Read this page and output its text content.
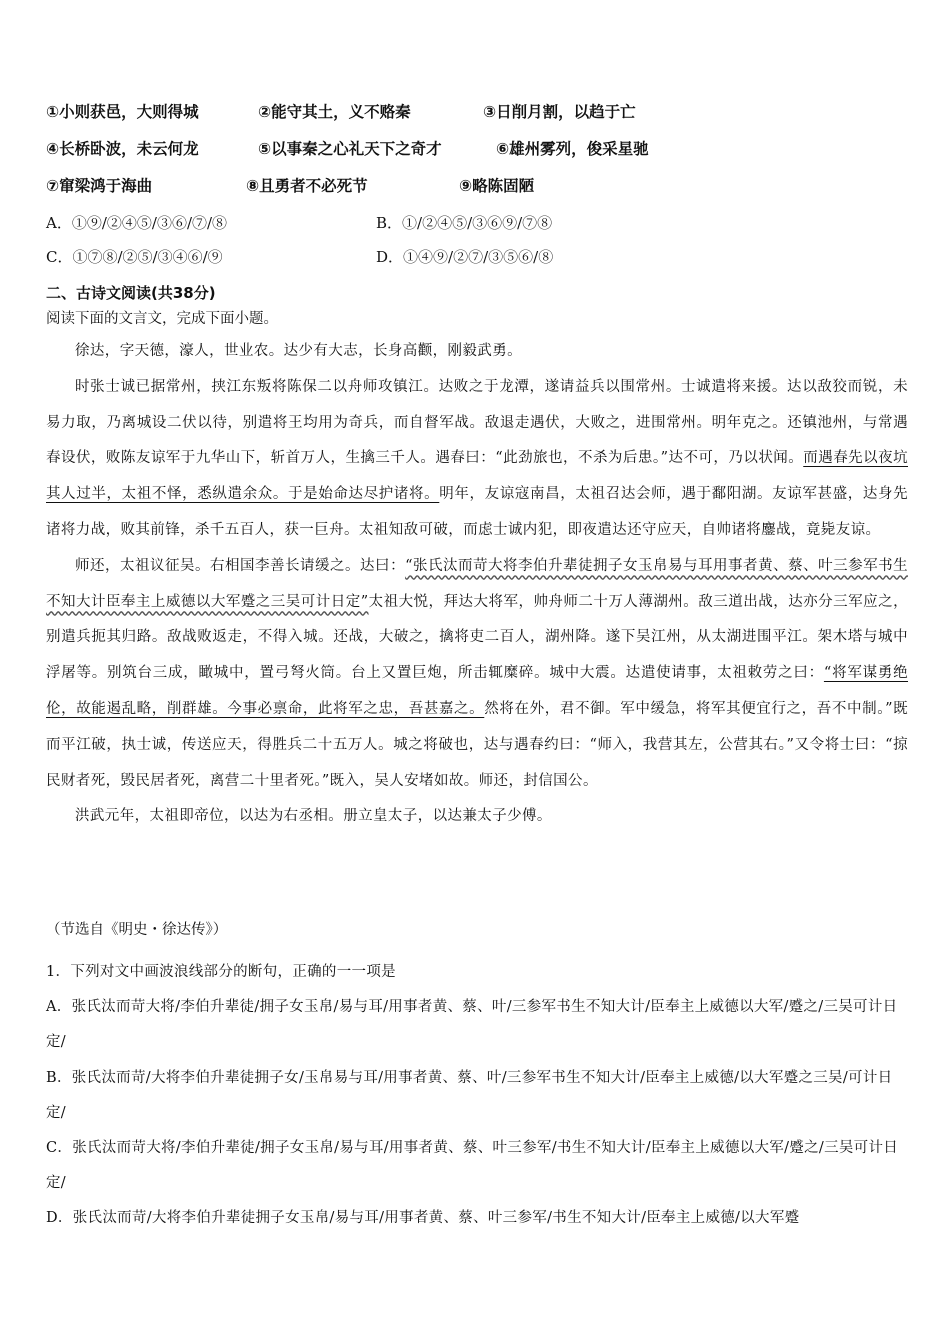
①小则获邑，大则得城	②能守其土，义不赂秦	③日削月割，以趋于亡
④长桥卧波，未云何龙	⑤以事秦之心礼天下之奇才	⑥雄州雾列，俊采星驰
⑦窜梁鸿于海曲	⑧且勇者不必死节	⑨略陈固陋
A．①⑨/②④⑤/③⑥/⑦/⑧	B．①/②④⑤/③⑥⑨/⑦⑧
C．①⑦⑧/②⑤/③④⑥/⑨	D．①④⑨/②⑦/③⑤⑥/⑧
二、古诗文阅读(共38分)
阅读下面的文言文，完成下面小题。

徐达，字天德，濠人，世业农。达少有大志，长身高颧，刚毅武勇。

时张士诚已据常州，挟江东叛将陈保二以舟师攻镇江。达败之于龙潭，遂请益兵以围常州。士诚遣将来援。达以敌狡而锐，未易力取，乃离城设二伏以待，别遣将王均用为奇兵，而自督军战。敌退走遇伏，大败之，进围常州。明年克之。还镇池州，与常遇春设伏，败陈友谅军于九华山下，斩首万人，生擒三千人。遇春曰：“此劲旅也，不杀为后患。”达不可，乃以状闻。而遇春先以夜坑其人过半，太祖不怿，悉纵遣余众。于是始命达尽护诸将。明年，友谅寇南昌，太祖召达会师，遇于鄱阳湖。友谅军甚盛，达身先诸将力战，败其前锋，杀千五百人，获一巨舟。太祖知敌可破，而虑士诚内犯，即夜遣达还守应天，自帅诸将鏖战，竟毙友谅。

师还，太祖议征吴。右相国李善长请缓之。达曰：“张氏汰而苛大将李伯升辈徒拥子女玉帛易与耳用事者黄、蔡、叶三参军书生不知大计臣奉主上威德以大军蹙之三吴可计日定”太祖大悦，拜达大将军，帅舟师二十万人薄湖州。敌三道出战，达亦分三军应之，别遣兵扼其归路。敌战败返走，不得入城。还战，大破之，擒将吏二百人，湖州降。遂下吴江州，从太湖进围平江。架木塔与城中浮屠等。别筑台三成，瞰城中，置弓弩火筒。台上又置巨炮，所击辄糜碎。城中大震。达遣使请事，太祖敕劳之曰：“将军谋勇绝伦，故能遏乱略，削群雄。今事必禀命，此将军之忠，吾甚嘉之。然将在外，君不御。军中缓急，将军其便宜行之，吾不中制。”既而平江破，执士诚，传送应天，得胜兵二十五万人。城之将破也，达与遇春约曰：“师入，我营其左，公营其右。”又令将士曰：“掠民财者死，毁民居者死，离营二十里者死。”既入，吴人安堵如故。师还，封信国公。

洪武元年，太祖即帝位，以达为右丞相。册立皇太子，以达兼太子少傅。

（节选自《明史・徐达传》）

1．下列对文中画波浪线部分的断句，正确的一一项是

A．张氏汰而苛大将/李伯升辈徒/拥子女玉帛/易与耳/用事者黄、蔡、叶/三参军书生不知大计/臣奉主上威德以大军/蹙之/三吴可计日定/

B．张氏汰而苛/大将李伯升辈徒拥子女/玉帛易与耳/用事者黄、蔡、叶/三参军书生不知大计/臣奉主上威德/以大军蹙之三吴/可计日定/

C．张氏汰而苛大将/李伯升辈徒/拥子女玉帛/易与耳/用事者黄、蔡、叶三参军/书生不知大计/臣奉主上威德以大军/蹙之/三吴可计日定/

D．张氏汰而苛/大将李伯升辈徒拥子女玉帛/易与耳/用事者黄、蔡、叶三参军/书生不知大计/臣奉主上威德/以大军蹙
